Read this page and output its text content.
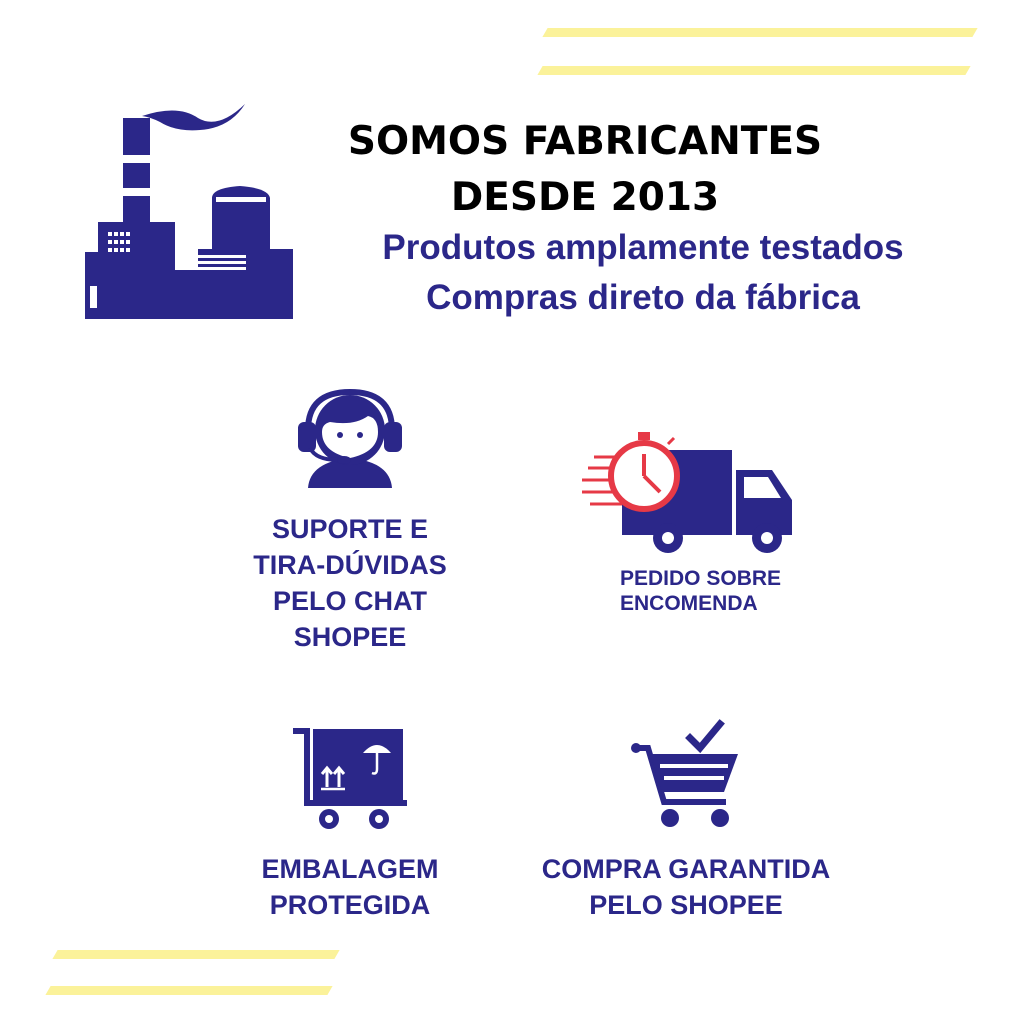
SOMOS FABRICANTES
DESDE 2013
Produtos amplamente testados
Compras direto da fábrica
SUPORTE E
TIRA-DÚVIDAS
PELO CHAT
SHOPEE
PEDIDO SOBRE
ENCOMENDA
EMBALAGEM
PROTEGIDA
COMPRA GARANTIDA
PELO SHOPEE
